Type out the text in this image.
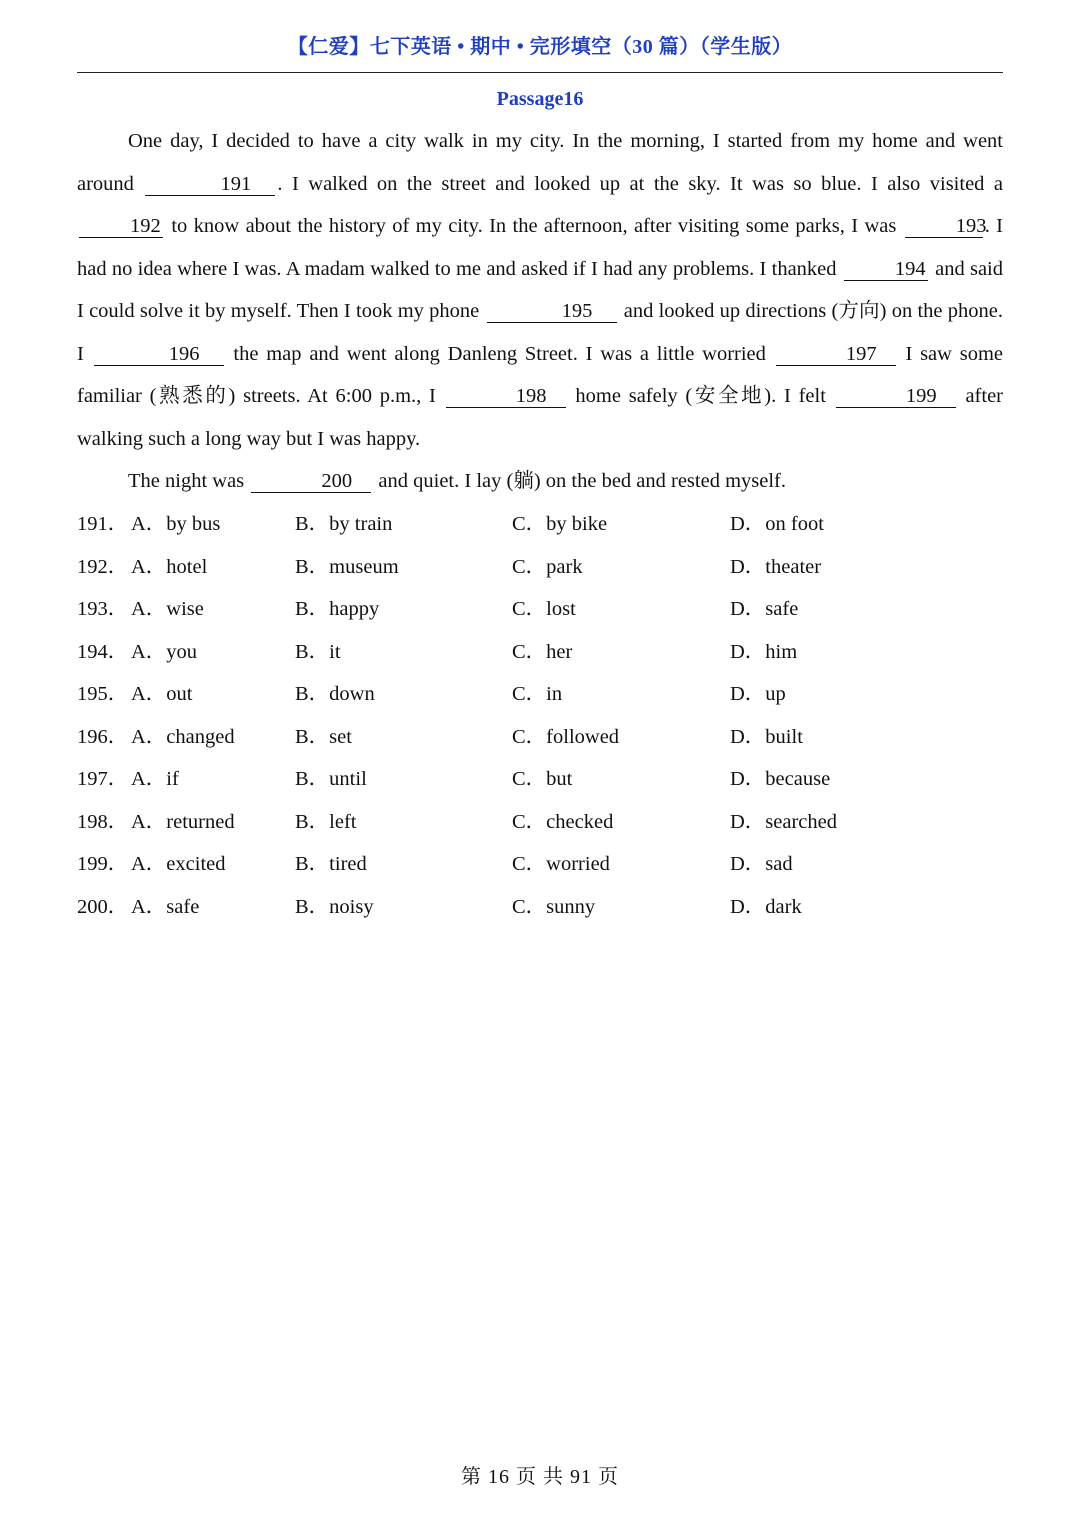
【仁爱】七下英语 • 期中 • 完形填空（30 篇）（学生版）
Passage16

One day, I decided to have a city walk in my city. In the morning, I started from my home and went around	191 . I walked on the street and looked up at the sky. It was so blue. I also visited a 192 to know about the history of my city. In the afternoon, after visiting some parks, I was	193. I had no idea where I was. A madam walked to me and asked if I had any problems. I thanked	194 and said I could solve it by myself. Then I took my phone	195 and looked up directions (方向) on the phone. I	196 the map and went along Danleng Street. I was a little worried	197 I saw some familiar (熟悉的) streets. At 6:00 p.m., I	198 home safely (安全地). I felt	199 after walking such a long way but I was happy.

The night was	200 and quiet. I lay (躺) on the bed and rested myself.

191． A．by bus	B．by train	C．by bike	D．on foot
192． A．hotel	B．museum	C．park	D．theater
193． A．wise	B．happy	C．lost	D．safe
194． A．you	B．it	C．her	D．him
195． A．out	B．down	C．in	D．up
196． A．changed	B．set	C．followed	D．built
197． A．if	B．until	C．but	D．because
198． A．returned	B．left	C．checked	D．searched
199． A．excited	B．tired	C．worried	D．sad
200． A．safe	B．noisy	C．sunny	D．dark
第 16 页 共 91 页
